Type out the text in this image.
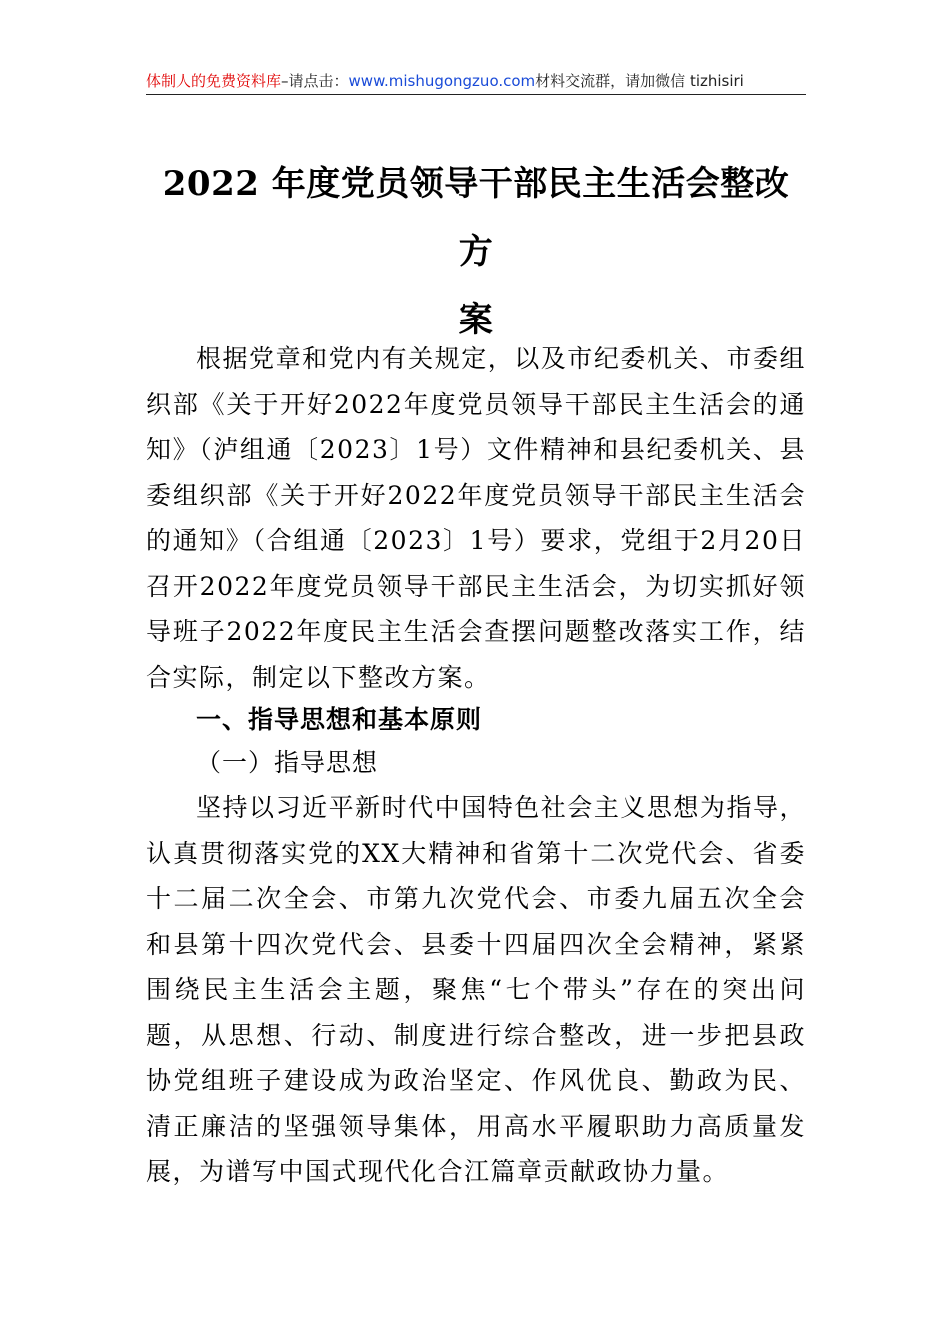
体制人的免费资料库–请点击：www.mishugongzuo.com材料交流群，请加微信 tizhisiri
2022 年度党员领导干部民主生活会整改方
案

根据党章和党内有关规定，以及市纪委机关、市委组织部《关于开好2022年度党员领导干部民主生活会的通知》（泸组通〔2023〕1号）文件精神和县纪委机关、县委组织部《关于开好2022年度党员领导干部民主生活会的通知》（合组通〔2023〕1号）要求，党组于2月20日召开2022年度党员领导干部民主生活会，为切实抓好领导班子2022年度民主生活会查摆问题整改落实工作，结合实际，制定以下整改方案。

一、指导思想和基本原则
（一）指导思想

坚持以习近平新时代中国特色社会主义思想为指导，认真贯彻落实党的XX大精神和省第十二次党代会、省委十二届二次全会、市第九次党代会、市委九届五次全会和县第十四次党代会、县委十四届四次全会精神，紧紧围绕民主生活会主题，聚焦“七个带头”存在的突出问题，从思想、行动、制度进行综合整改，进一步把县政协党组班子建设成为政治坚定、作风优良、勤政为民、清正廉洁的坚强领导集体，用高水平履职助力高质量发展，为谱写中国式现代化合江篇章贡献政协力量。
